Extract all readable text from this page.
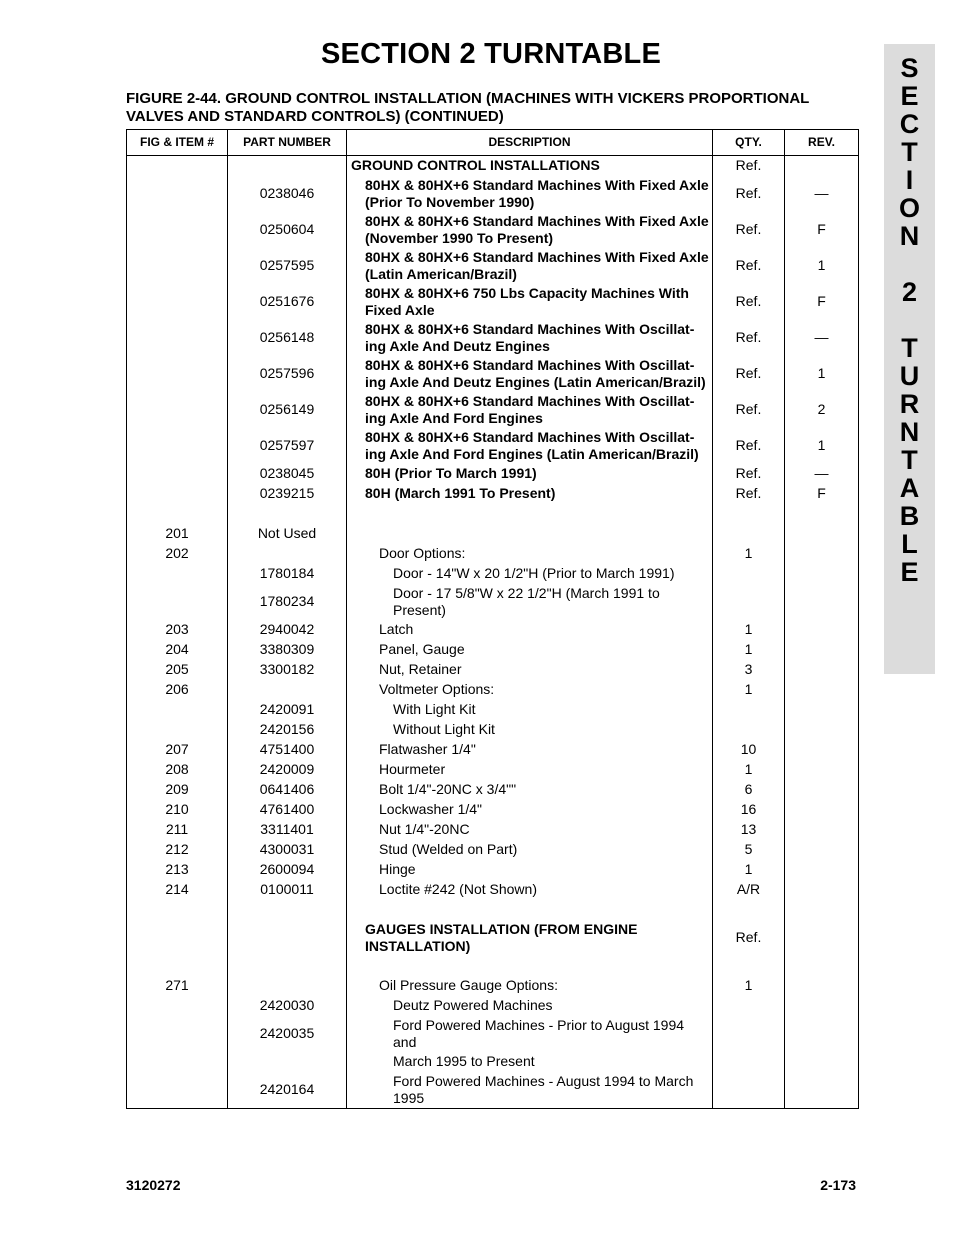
SECTION 2 TURNTABLE
FIGURE 2-44. GROUND CONTROL INSTALLATION (MACHINES WITH VICKERS PROPORTIONAL VALVES AND STANDARD CONTROLS) (CONTINUED)
S
E
C
T
I
O
N
2
T
U
R
N
T
A
B
L
E
FIG & ITEM #	PART NUMBER	DESCRIPTION	QTY.	REV.
		GROUND CONTROL INSTALLATIONS	Ref.	
	0238046	80HX & 80HX+6 Standard Machines With Fixed Axle (Prior To November 1990)	Ref.	—
	0250604	80HX & 80HX+6 Standard Machines With Fixed Axle (November 1990 To Present)	Ref.	F
	0257595	80HX & 80HX+6 Standard Machines With Fixed Axle (Latin American/Brazil)	Ref.	1
	0251676	80HX & 80HX+6 750 Lbs Capacity Machines With Fixed Axle	Ref.	F
	0256148	80HX & 80HX+6 Standard Machines With Oscillat-ing Axle And Deutz Engines	Ref.	—
	0257596	80HX & 80HX+6 Standard Machines With Oscillat-ing Axle And Deutz Engines (Latin American/Brazil)	Ref.	1
	0256149	80HX & 80HX+6 Standard Machines With Oscillat-ing Axle And Ford Engines	Ref.	2
	0257597	80HX & 80HX+6 Standard Machines With Oscillat-ing Axle And Ford Engines (Latin American/Brazil)	Ref.	1
	0238045	80H (Prior To March 1991)	Ref.	—
	0239215	80H (March 1991 To Present)	Ref.	F

201	Not Used			
202		Door Options:	1	
	1780184	Door - 14"W x 20 1/2"H (Prior to March 1991)		
	1780234	Door - 17 5/8"W x 22 1/2"H (March 1991 to Present)		
203	2940042	Latch	1	
204	3380309	Panel, Gauge	1	
205	3300182	Nut, Retainer	3	
206		Voltmeter Options:	1	
	2420091	With Light Kit		
	2420156	Without Light Kit		
207	4751400	Flatwasher 1/4"	10	
208	2420009	Hourmeter	1	
209	0641406	Bolt 1/4"-20NC x 3/4""	6	
210	4761400	Lockwasher 1/4"	16	
211	3311401	Nut 1/4"-20NC	13	
212	4300031	Stud (Welded on Part)	5	
213	2600094	Hinge	1	
214	0100011	Loctite #242 (Not Shown)	A/R	

		GAUGES INSTALLATION (FROM ENGINE INSTALLATION)	Ref.	

271		Oil Pressure Gauge Options:	1	
	2420030	Deutz Powered Machines		
	2420035	Ford Powered Machines - Prior to August 1994 and		
		March 1995 to Present		
	2420164	Ford Powered Machines - August 1994 to March 1995		
3120272	2-173
